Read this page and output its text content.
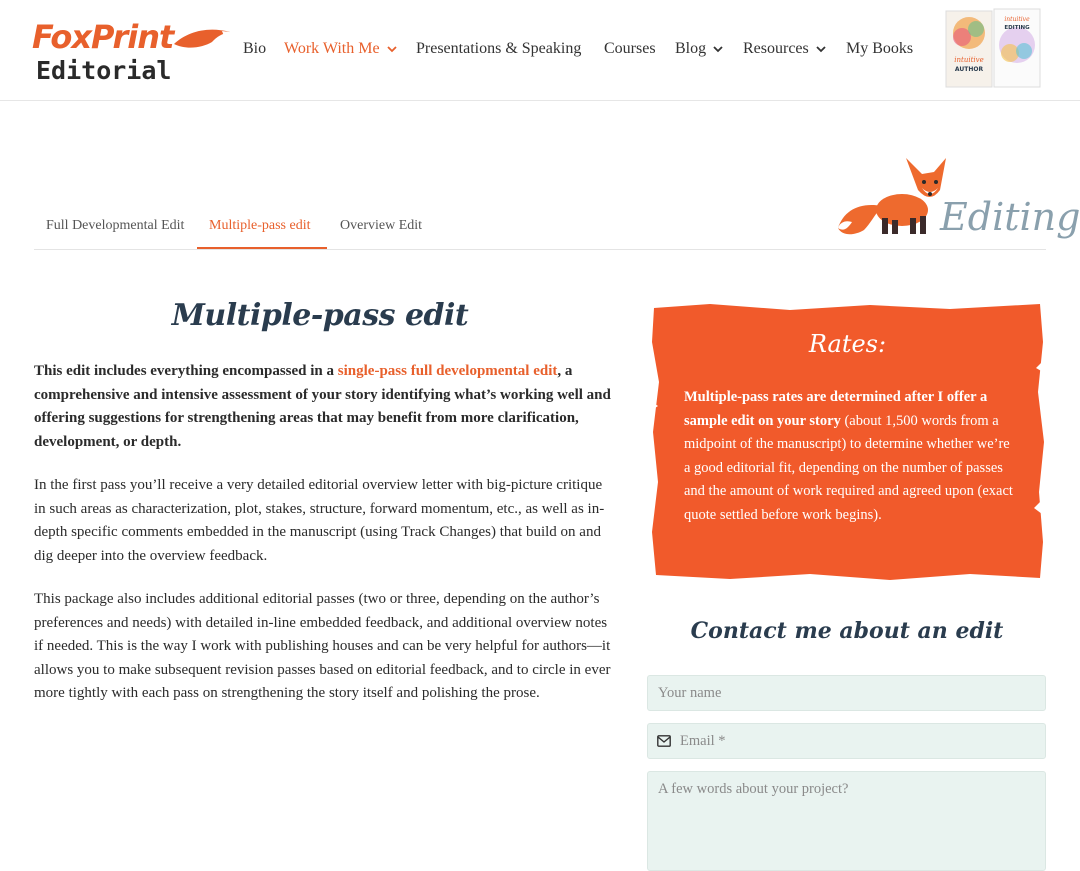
FoxPrint
Editorial
Bio Work With Me Presentations & Speaking Courses Blog Resources My Books
intuitive
AUTHOR
intuitive
EDITING
Full Developmental Edit Multiple-pass edit Overview Edit	Editing
Multiple-pass edit

This edit includes everything encompassed in a single-pass full developmental edit, a comprehensive and intensive assessment of your story identifying what’s working well and offering suggestions for strengthening areas that may benefit from more clarification, development, or depth.

In the first pass you’ll receive a very detailed editorial overview letter with big-picture critique in such areas as characterization, plot, stakes, structure, forward momentum, etc., as well as in-depth specific comments embedded in the manuscript (using Track Changes) that build on and dig deeper into the overview feedback.

This package also includes additional editorial passes (two or three, depending on the author’s preferences and needs) with detailed in-line embedded feedback, and additional overview notes if needed. This is the way I work with publishing houses and can be very helpful for authors—it allows you to make subsequent revision passes based on editorial feedback, and to circle in ever more tightly with each pass on strengthening the story itself and polishing the prose.

Rates:

Multiple-pass rates are determined after I offer a sample edit on your story (about 1,500 words from a midpoint of the manuscript) to determine whether we’re a good editorial fit, depending on the number of passes and the amount of work required and agreed upon (exact quote settled before work begins).

Contact me about an edit
Your name
Email *
A few words about your project?
